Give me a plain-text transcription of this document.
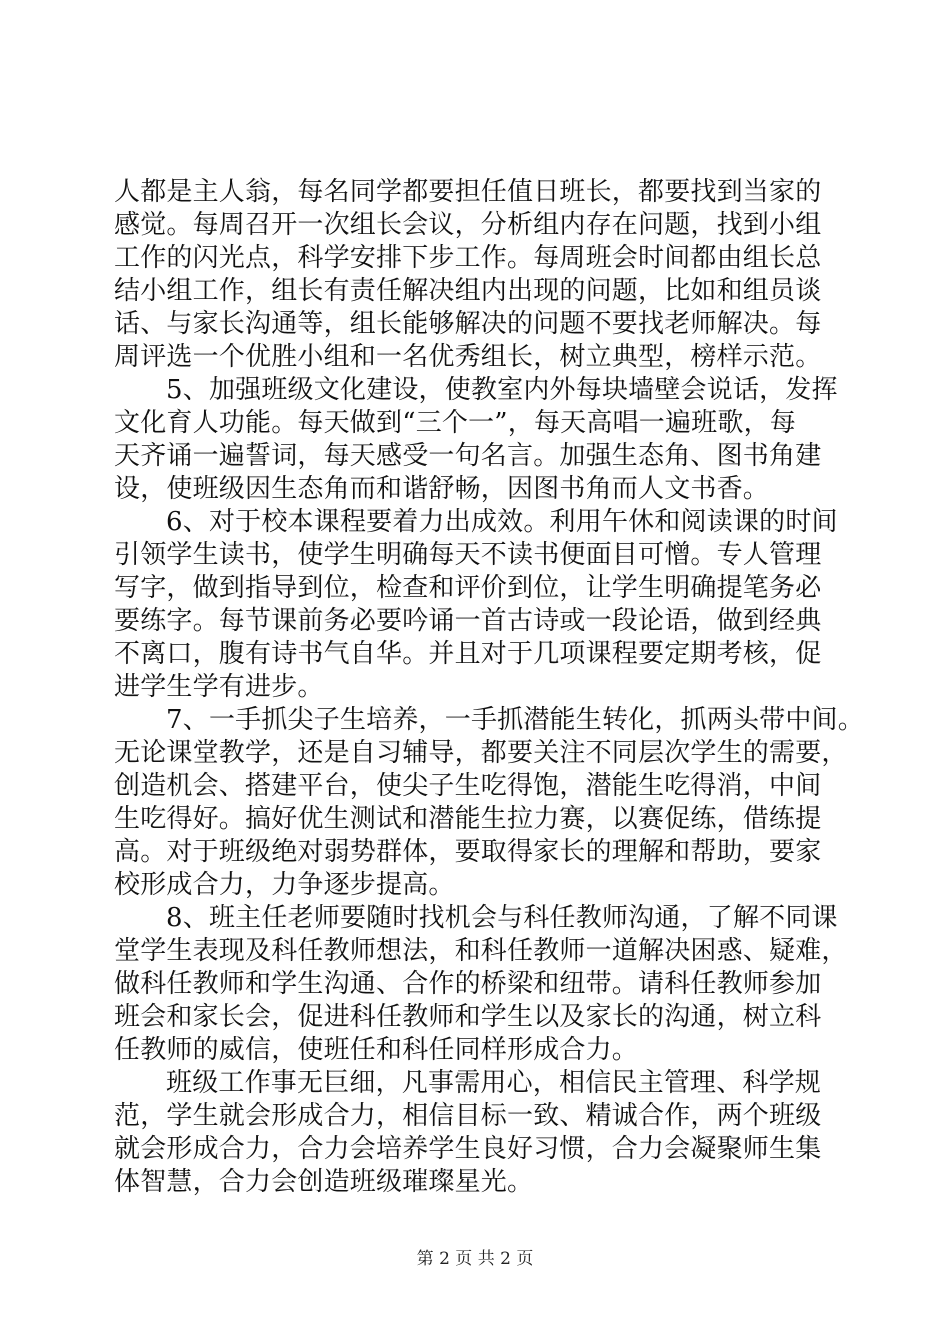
人都是主人翁，每名同学都要担任值日班长，都要找到当家的
感觉。每周召开一次组长会议，分析组内存在问题，找到小组
工作的闪光点，科学安排下步工作。每周班会时间都由组长总
结小组工作，组长有责任解决组内出现的问题，比如和组员谈
话、与家长沟通等，组长能够解决的问题不要找老师解决。每
周评选一个优胜小组和一名优秀组长，树立典型，榜样示范。
5、加强班级文化建设，使教室内外每块墙壁会说话，发挥
文化育人功能。每天做到“三个一”，每天高唱一遍班歌，每
天齐诵一遍誓词，每天感受一句名言。加强生态角、图书角建
设，使班级因生态角而和谐舒畅，因图书角而人文书香。
6、对于校本课程要着力出成效。利用午休和阅读课的时间
引领学生读书，使学生明确每天不读书便面目可憎。专人管理
写字，做到指导到位，检查和评价到位，让学生明确提笔务必
要练字。每节课前务必要吟诵一首古诗或一段论语，做到经典
不离口，腹有诗书气自华。并且对于几项课程要定期考核，促
进学生学有进步。
7、一手抓尖子生培养，一手抓潜能生转化，抓两头带中间。
无论课堂教学，还是自习辅导，都要关注不同层次学生的需要，
创造机会、搭建平台，使尖子生吃得饱，潜能生吃得消，中间
生吃得好。搞好优生测试和潜能生拉力赛，以赛促练，借练提
高。对于班级绝对弱势群体，要取得家长的理解和帮助，要家
校形成合力，力争逐步提高。
8、班主任老师要随时找机会与科任教师沟通，了解不同课
堂学生表现及科任教师想法，和科任教师一道解决困惑、疑难，
做科任教师和学生沟通、合作的桥梁和纽带。请科任教师参加
班会和家长会，促进科任教师和学生以及家长的沟通，树立科
任教师的威信，使班任和科任同样形成合力。
班级工作事无巨细，凡事需用心，相信民主管理、科学规
范，学生就会形成合力，相信目标一致、精诚合作，两个班级
就会形成合力，合力会培养学生良好习惯，合力会凝聚师生集
体智慧，合力会创造班级璀璨星光。
第 2 页 共 2 页
